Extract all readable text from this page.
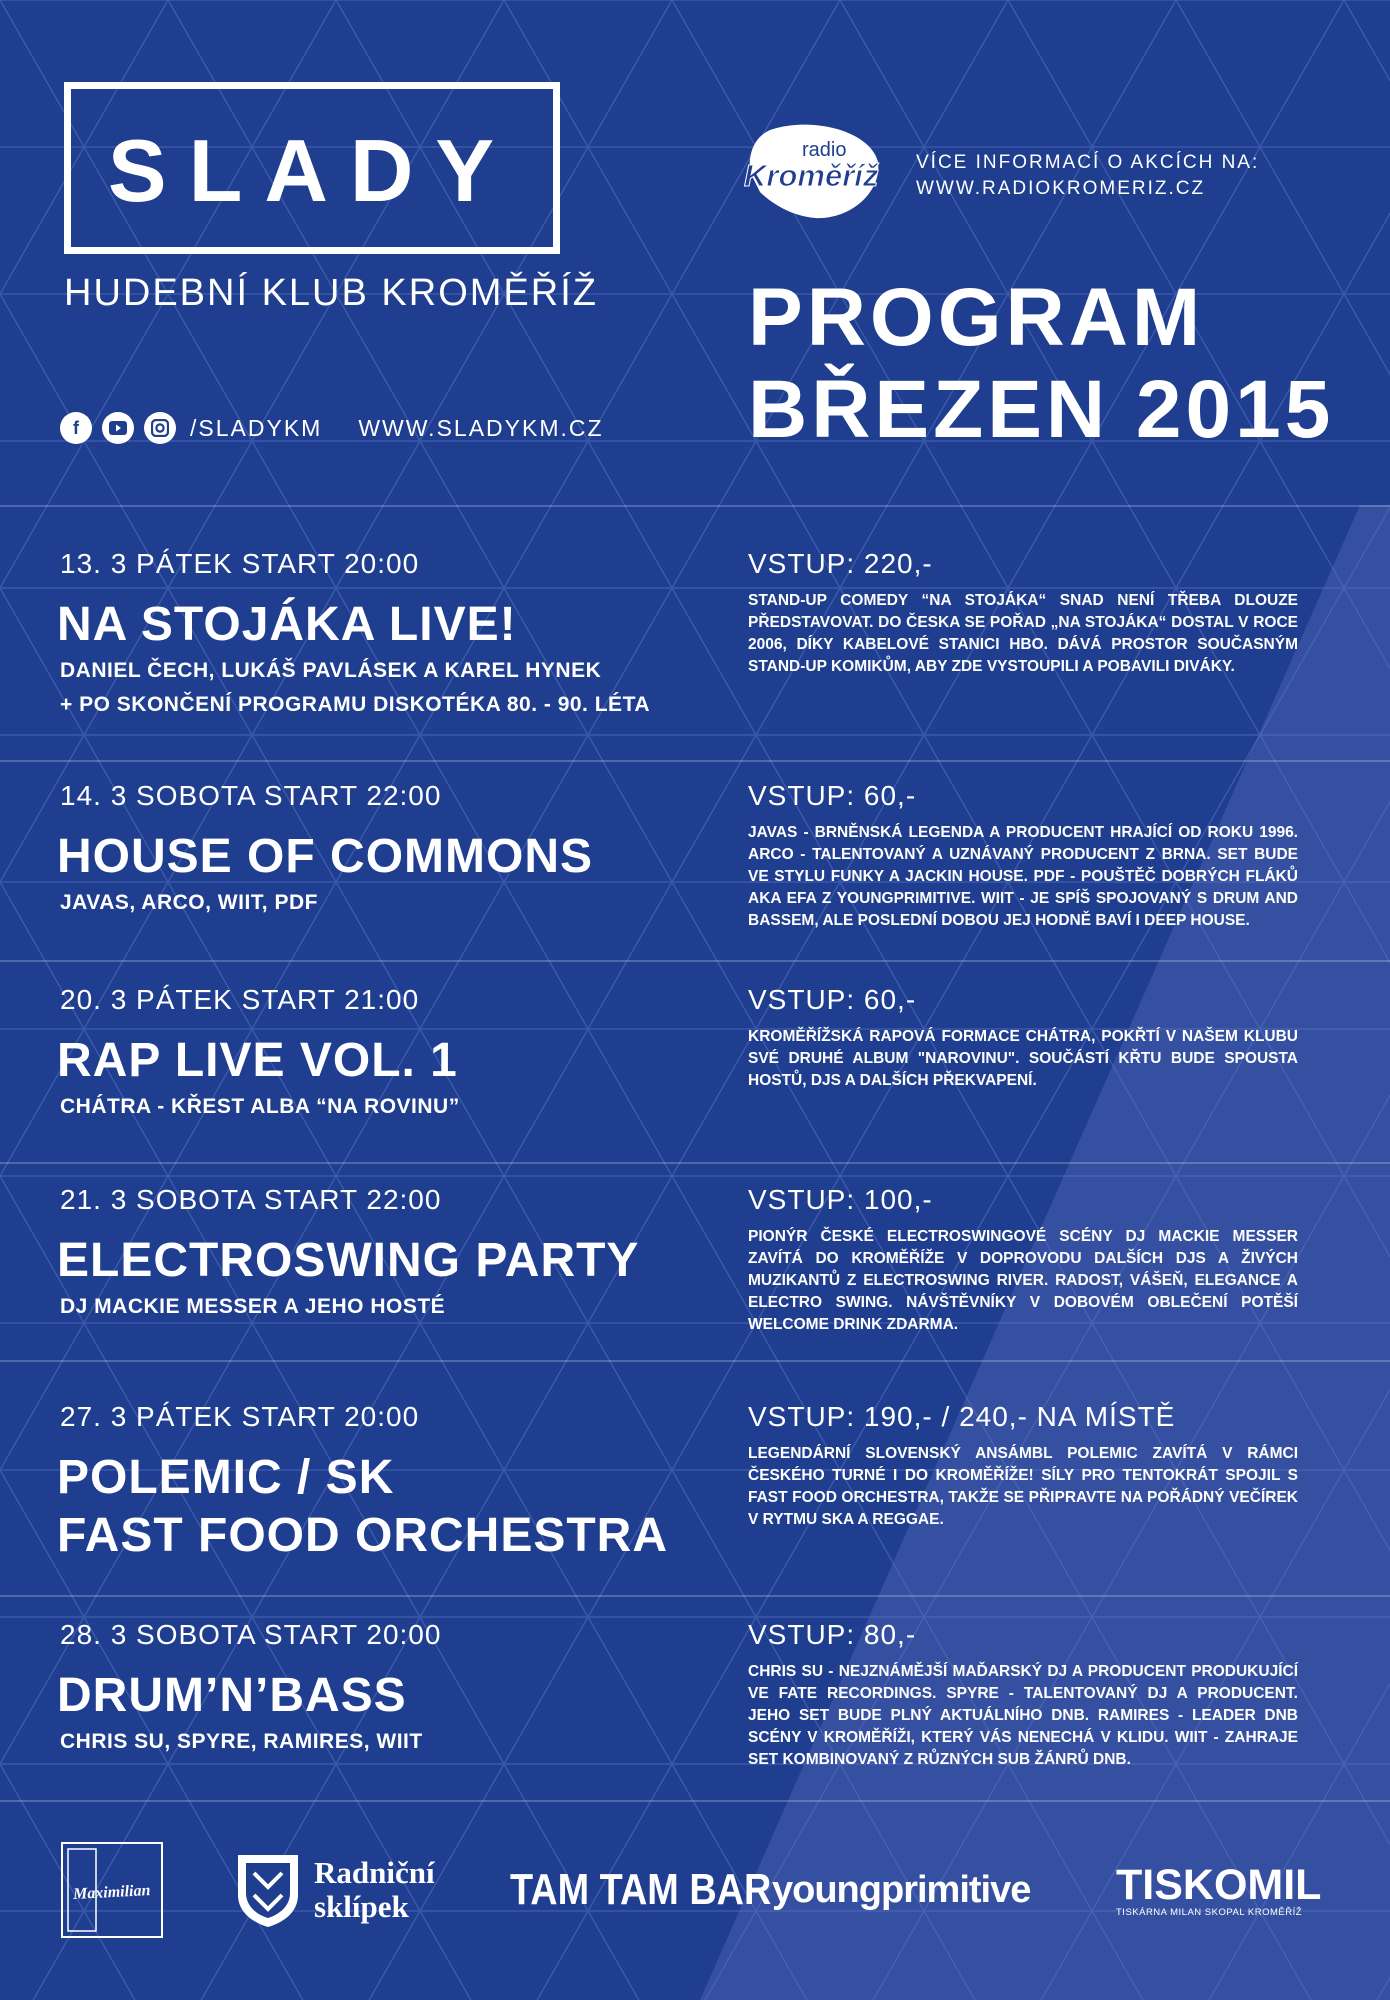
SLADY
HUDEBNÍ KLUB KROMĚŘÍŽ
f	/SLADYKM WWW.SLADYKM.CZ
radio
Kroměříž VÍCE INFORMACÍ O AKCÍCH NA:
WWW.RADIOKROMERIZ.CZ
PROGRAM
BŘEZEN 2015
13. 3 PÁTEK START 20:00
NA STOJÁKA LIVE!
DANIEL ČECH, LUKÁŠ PAVLÁSEK A KAREL HYNEK
+ PO SKONČENÍ PROGRAMU DISKOTÉKA 80. - 90. LÉTA
VSTUP: 220,-
STAND-UP COMEDY “NA STOJÁKA“ SNAD NENÍ TŘEBA DLOUZE PŘEDSTAVOVAT. DO ČESKA SE POŘAD „NA STOJÁKA“ DOSTAL V ROCE 2006, DÍKY KABELOVÉ STANICI HBO. DÁVÁ PROSTOR SOUČASNÝM STAND-UP KOMIKŮM, ABY ZDE VYSTOUPILI A POBAVILI DIVÁKY.
14. 3 SOBOTA START 22:00
HOUSE OF COMMONS
JAVAS, ARCO, WIIT, PDF
VSTUP: 60,-
JAVAS - BRNĚNSKÁ LEGENDA A PRODUCENT HRAJÍCÍ OD ROKU 1996. ARCO - TALENTOVANÝ A UZNÁVANÝ PRODUCENT Z BRNA. SET BUDE VE STYLU FUNKY A JACKIN HOUSE. PDF - POUŠTĚČ DOBRÝCH FLÁKŮ AKA EFA Z YOUNGPRIMITIVE. WIIT - JE SPÍŠ SPOJOVANÝ S DRUM AND BASSEM, ALE POSLEDNÍ DOBOU JEJ HODNĚ BAVÍ I DEEP HOUSE.
20. 3 PÁTEK START 21:00
RAP LIVE VOL. 1
CHÁTRA - KŘEST ALBA “NA ROVINU”
VSTUP: 60,-
KROMĚŘÍŽSKÁ RAPOVÁ FORMACE CHÁTRA, POKŘTÍ V NAŠEM KLUBU SVÉ DRUHÉ ALBUM "NAROVINU". SOUČÁSTÍ KŘTU BUDE SPOUSTA HOSTŮ, DJS A DALŠÍCH PŘEKVAPENÍ.
21. 3 SOBOTA START 22:00
ELECTROSWING PARTY
DJ MACKIE MESSER A JEHO HOSTÉ
VSTUP: 100,-
PIONÝR ČESKÉ ELECTROSWINGOVÉ SCÉNY DJ MACKIE MESSER ZAVÍTÁ DO KROMĚŘÍŽE V DOPROVODU DALŠÍCH DJS A ŽIVÝCH MUZIKANTŮ Z ELECTROSWING RIVER. RADOST, VÁŠEŇ, ELEGANCE A ELECTRO SWING. NÁVŠTĚVNÍKY V DOBOVÉM OBLEČENÍ POTĚŠÍ WELCOME DRINK ZDARMA.
27. 3 PÁTEK START 20:00
POLEMIC / SK
FAST FOOD ORCHESTRA
VSTUP: 190,- / 240,- NA MÍSTĚ
LEGENDÁRNÍ SLOVENSKÝ ANSÁMBL POLEMIC ZAVÍTÁ V RÁMCI ČESKÉHO TURNÉ I DO KROMĚŘÍŽE! SÍLY PRO TENTOKRÁT SPOJIL S FAST FOOD ORCHESTRA, TAKŽE SE PŘIPRAVTE NA POŘÁDNÝ VEČÍREK V RYTMU SKA A REGGAE.
28. 3 SOBOTA START 20:00
DRUM’N’BASS
CHRIS SU, SPYRE, RAMIRES, WIIT
VSTUP: 80,-
CHRIS SU - NEJZNÁMĚJŠÍ MAĎARSKÝ DJ A PRODUCENT PRODUKUJÍCÍ VE FATE RECORDINGS. SPYRE - TALENTOVANÝ DJ A PRODUCENT. JEHO SET BUDE PLNÝ AKTUÁLNÍHO DNB. RAMIRES - LEADER DNB SCÉNY V KROMĚŘÍŽI, KTERÝ VÁS NENECHÁ V KLIDU. WIIT - ZAHRAJE SET KOMBINOVANÝ Z RŮZNÝCH SUB ŽÁNRŮ DNB.
Maximilian
Radniční
sklípek	TAM TAM BAR youngprimitive TISKOMIL
TISKÁRNA MILAN SKOPAL KROMĚŘÍŽ
